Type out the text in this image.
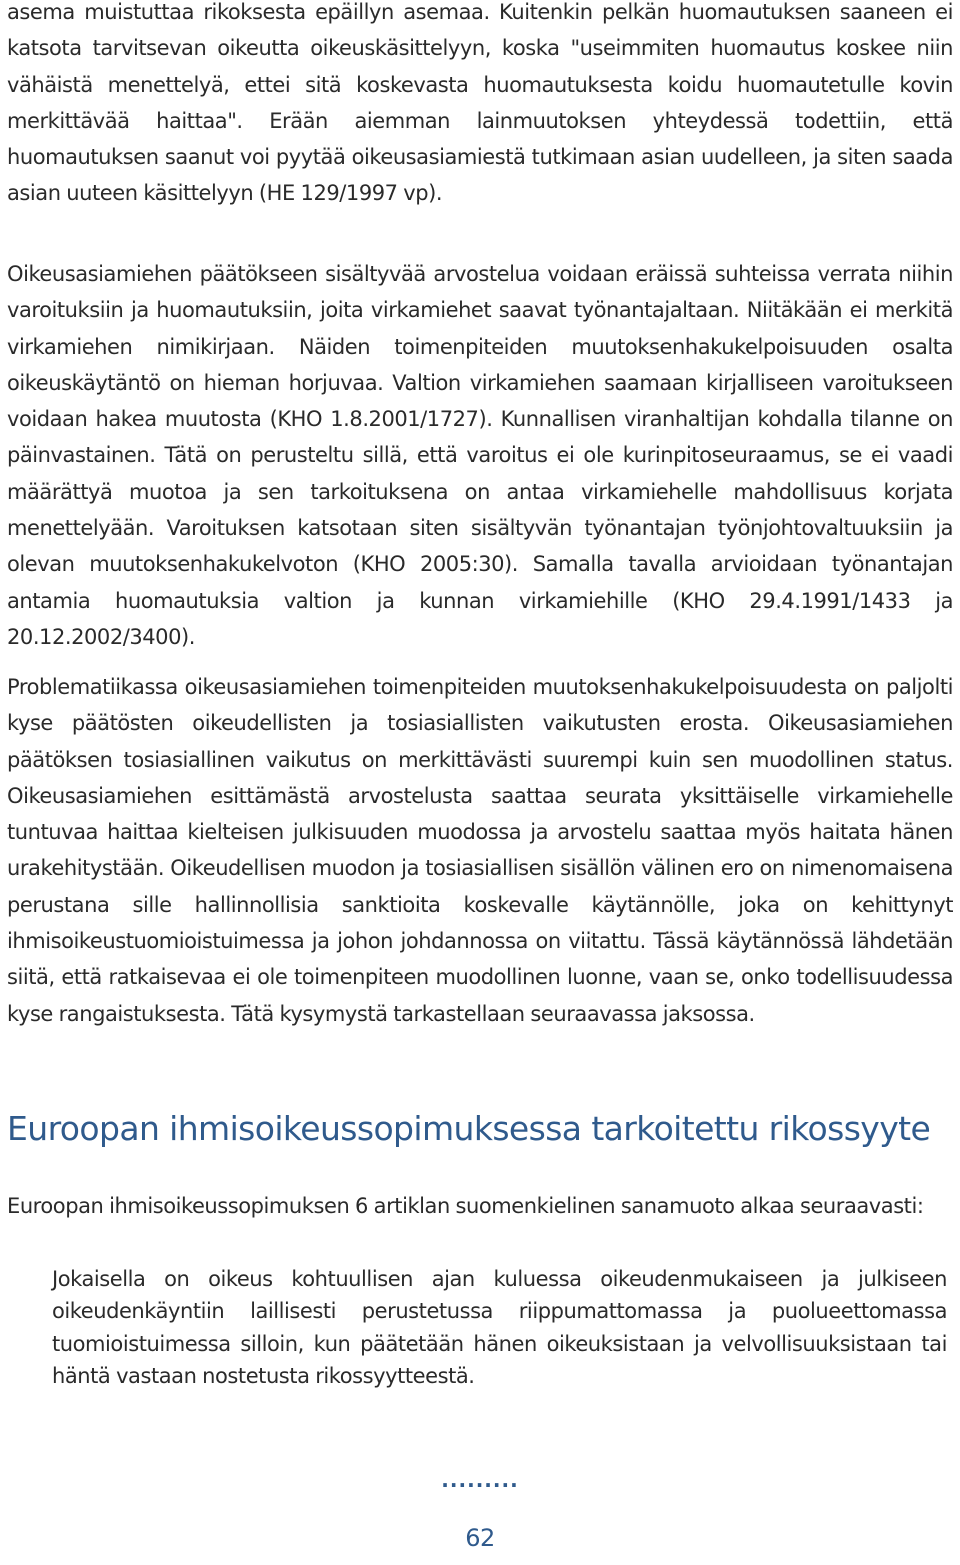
asema muistuttaa rikoksesta epäillyn asemaa. Kuitenkin pelkän huomautuksen saaneen ei katsota tarvitsevan oikeutta oikeuskäsittelyyn, koska "useimmiten huomautus koskee niin vähäistä menettelyä, ettei sitä koskevasta huomautuksesta koidu huomautetulle kovin merkittävää haittaa". Erään aiemman lainmuutoksen yhteydessä todettiin, että huomautuksen saanut voi pyytää oikeusasiamiestä tutkimaan asian uudelleen, ja siten saada asian uuteen käsittelyyn (HE 129/1997 vp).

Oikeusasiamiehen päätökseen sisältyvää arvostelua voidaan eräissä suhteissa verrata niihin varoituksiin ja huomautuksiin, joita virkamiehet saavat työnantajaltaan. Niitäkään ei merkitä virkamiehen nimikirjaan. Näiden toimenpiteiden muutoksenhakukelpoisuuden osalta oikeuskäytäntö on hieman horjuvaa. Valtion virkamiehen saamaan kirjalliseen varoitukseen voidaan hakea muutosta (KHO 1.8.2001/1727). Kunnallisen viranhaltijan kohdalla tilanne on päinvastainen. Tätä on perusteltu sillä, että varoitus ei ole kurinpitoseuraamus, se ei vaadi määrättyä muotoa ja sen tarkoituksena on antaa virkamiehelle mahdollisuus korjata menettelyään. Varoituksen katsotaan siten sisältyvän työnantajan työnjohtovaltuuksiin ja olevan muutoksenhakukelvoton (KHO 2005:30). Samalla tavalla arvioidaan työnantajan antamia huomautuksia valtion ja kunnan virkamiehille (KHO 29.4.1991/1433 ja 20.12.2002/3400).

Problematiikassa oikeusasiamiehen toimenpiteiden muutoksenhakukelpoisuudesta on paljolti kyse päätösten oikeudellisten ja tosiasiallisten vaikutusten erosta. Oikeusasiamiehen päätöksen tosiasiallinen vaikutus on merkittävästi suurempi kuin sen muodollinen status. Oikeusasiamiehen esittämästä arvostelusta saattaa seurata yksittäiselle virkamiehelle tuntuvaa haittaa kielteisen julkisuuden muodossa ja arvostelu saattaa myös haitata hänen urakehitystään. Oikeudellisen muodon ja tosiasiallisen sisällön välinen ero on nimenomaisena perustana sille hallinnollisia sanktioita koskevalle käytännölle, joka on kehittynyt ihmisoikeustuomioistuimessa ja johon johdannossa on viitattu. Tässä käytännössä lähdetään siitä, että ratkaisevaa ei ole toimenpiteen muodollinen luonne, vaan se, onko todellisuudessa kyse rangaistuksesta. Tätä kysymystä tarkastellaan seuraavassa jaksossa.

Euroopan ihmisoikeussopimuksessa tarkoitettu rikossyyte

Euroopan ihmisoikeussopimuksen 6 artiklan suomenkielinen sanamuoto alkaa seuraavasti:

Jokaisella on oikeus kohtuullisen ajan kuluessa oikeudenmukaiseen ja julkiseen oikeudenkäyntiin laillisesti perustetussa riippumattomassa ja puolueettomassa tuomioistuimessa silloin, kun päätetään hänen oikeuksistaan ja velvollisuuksistaan tai häntä vastaan nostetusta rikossyytteestä.

.........
62
